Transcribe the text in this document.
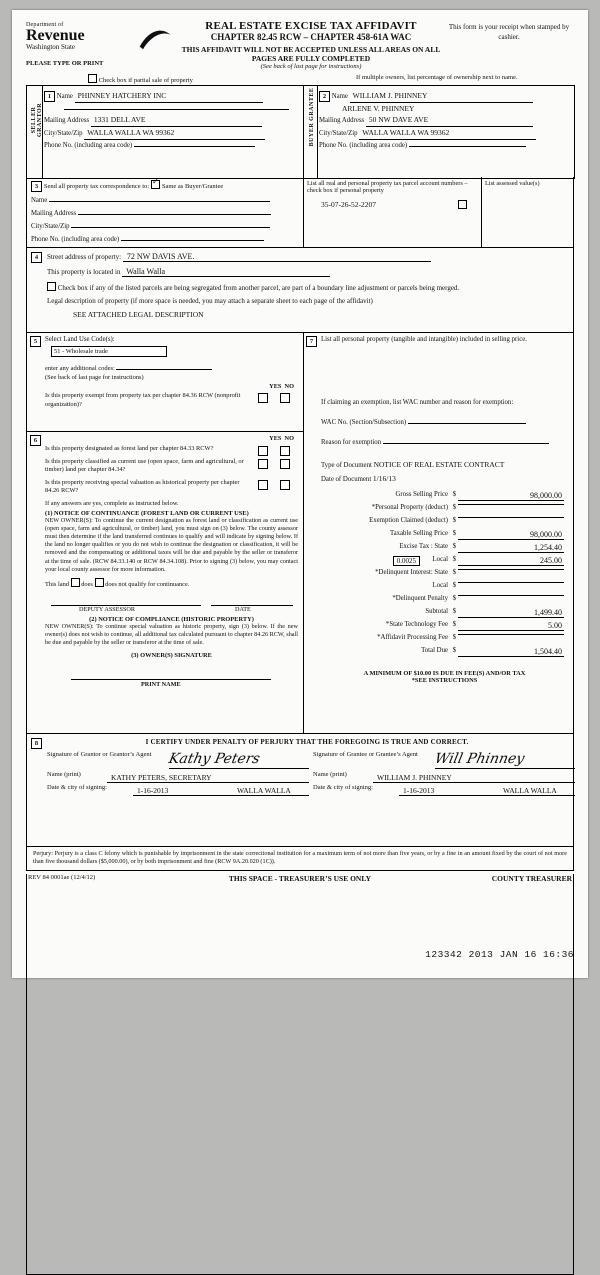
Department of
Revenue
Washington State
REAL ESTATE EXCISE TAX AFFIDAVIT
CHAPTER 82.45 RCW – CHAPTER 458-61A WAC
THIS AFFIDAVIT WILL NOT BE ACCEPTED UNLESS ALL AREAS ON ALL PAGES ARE FULLY COMPLETED
(See back of last page for instructions)
This form is your receipt when stamped by cashier.
PLEASE TYPE OR PRINT
Check box if partial sale of property	If multiple owners, list percentage of ownership next to name.
SELLER GRANTOR
1 Name PHINNEY HATCHERY INC
Mailing Address 1331 DELL AVE
City/State/Zip WALLA WALLA WA 99362
Phone No. (including area code)	BUYER GRANTEE	2 Name WILLIAM J. PHINNEY
ARLENE V. PHINNEY
Mailing Address 50 NW DAVE AVE
City/State/Zip WALLA WALLA WA 99362
Phone No. (including area code)
3 Send all property tax correspondence to: ✓ Same as Buyer/Grantee
Name
Mailing Address
City/State/Zip
Phone No. (including area code)
List all real and personal property tax parcel account numbers – check box if personal property
35-07-26-52-2207
List assessed value(s)
4	Street address of property: 72 NW DAVIS AVE.
This property is located in Walla Walla
Check box if any of the listed parcels are being segregated from another parcel, are part of a boundary line adjustment or parcels being merged.
Legal description of property (if more space is needed, you may attach a separate sheet to each page of the affidavit)
SEE ATTACHED LEGAL DESCRIPTION
5	Select Land Use Code(s):
51 - Wholesale trade
enter any additional codes:
(See back of last page for instructions)
YES NO
Is this property exempt from property tax per chapter 84.36 RCW (nonprofit organization)?
6	YES NO
Is this property designated as forest land per chapter 84.33 RCW?
Is this property classified as current use (open space, farm and agricultural, or timber) land per chapter 84.34?
Is this property receiving special valuation as historical property per chapter 84.26 RCW?
If any answers are yes, complete as instructed below.
(1) NOTICE OF CONTINUANCE (FOREST LAND OR CURRENT USE)
NEW OWNER(S): To continue the current designation as forest land or classification as current use (open space, farm and agricultural, or timber) land, you must sign on (3) below. The county assessor must then determine if the land transferred continues to qualify and will indicate by signing below. If the land no longer qualifies or you do not wish to continue the designation or classification, it will be removed and the compensating or additional taxes will be due and payable by the seller or transferor at the time of sale. (RCW 84.33.140 or RCW 84.34.108). Prior to signing (3) below, you may contact your local county assessor for more information.
This land does does not qualify for continuance.
DEPUTY ASSESSOR	DATE
(2) NOTICE OF COMPLIANCE (HISTORIC PROPERTY)
NEW OWNER(S): To continue special valuation as historic property, sign (3) below. If the new owner(s) does not wish to continue, all additional tax calculated pursuant to chapter 84.26 RCW, shall be due and payable by the seller or transferor at the time of sale.
(3) OWNER(S) SIGNATURE
PRINT NAME
7	List all personal property (tangible and intangible) included in selling price.
If claiming an exemption, list WAC number and reason for exemption:
WAC No. (Section/Subsection)
Reason for exemption
Type of Document NOTICE OF REAL ESTATE CONTRACT
Date of Document 1/16/13
Gross Selling Price $	98,000.00
*Personal Property (deduct) $
Exemption Claimed (deduct) $
Taxable Selling Price $	98,000.00
Excise Tax : State $	1,254.40
0.0025	Local $	245.00
*Delinquent Interest: State $
Local $
*Delinquent Penalty $
Subtotal $	1,499.40
*State Technology Fee $	5.00
*Affidavit Processing Fee $
Total Due $	1,504.40
A MINIMUM OF $10.00 IS DUE IN FEE(S) AND/OR TAX
*SEE INSTRUCTIONS
8	I CERTIFY UNDER PENALTY OF PERJURY THAT THE FOREGOING IS TRUE AND CORRECT.
Signature of Grantor or Grantor’s Agent Kathy Peters
Name (print)	KATHY PETERS, SECRETARY
Date & city of signing:	1-16-2013	WALLA WALLA
Signature of Grantee or Grantee’s Agent Will Phinney
Name (print)	WILLIAM J. PHINNEY
Date & city of signing:	1-16-2013	WALLA WALLA
Perjury: Perjury is a class C felony which is punishable by imprisonment in the state correctional institution for a maximum term of not more than five years, or by a fine in an amount fixed by the court of not more than five thousand dollars ($5,000.00), or by both imprisonment and fine (RCW 9A.20.020 (1C)).
REV 84 0001ae (12/4/12)	THIS SPACE - TREASURER’S USE ONLY	COUNTY TREASURER
123342 2013 JAN 16 16:36
